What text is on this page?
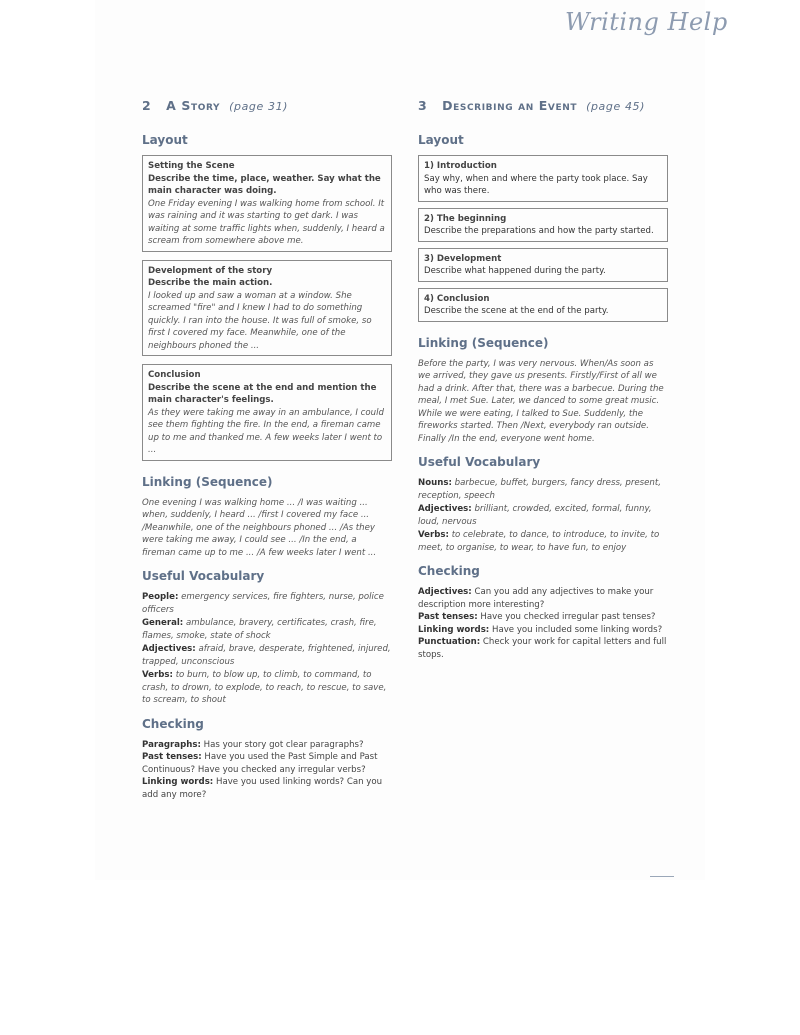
Writing Help
2 A Story (page 31)
Layout
Setting the Scene
Describe the time, place, weather. Say what the main character was doing.
One Friday evening I was walking home from school. It was raining and it was starting to get dark. I was waiting at some traffic lights when, suddenly, I heard a scream from somewhere above me.
Development of the story
Describe the main action.
I looked up and saw a woman at a window. She screamed "fire" and I knew I had to do something quickly. I ran into the house. It was full of smoke, so first I covered my face. Meanwhile, one of the neighbours phoned the ...
Conclusion
Describe the scene at the end and mention the main character's feelings.
As they were taking me away in an ambulance, I could see them fighting the fire. In the end, a fireman came up to me and thanked me. A few weeks later I went to ...
Linking (Sequence)
One evening I was walking home ... /I was waiting ... when, suddenly, I heard ... /first I covered my face ... /Meanwhile, one of the neighbours phoned ... /As they were taking me away, I could see ... /In the end, a fireman came up to me ... /A few weeks later I went ...
Useful Vocabulary
People: emergency services, fire fighters, nurse, police officers
General: ambulance, bravery, certificates, crash, fire, flames, smoke, state of shock
Adjectives: afraid, brave, desperate, frightened, injured, trapped, unconscious
Verbs: to burn, to blow up, to climb, to command, to crash, to drown, to explode, to reach, to rescue, to save, to scream, to shout
Checking
Paragraphs: Has your story got clear paragraphs?
Past tenses: Have you used the Past Simple and Past Continuous? Have you checked any irregular verbs?
Linking words: Have you used linking words? Can you add any more?
3 Describing an Event (page 45)
Layout
1) Introduction
Say why, when and where the party took place. Say who was there.
2) The beginning
Describe the preparations and how the party started.
3) Development
Describe what happened during the party.
4) Conclusion
Describe the scene at the end of the party.
Linking (Sequence)
Before the party, I was very nervous. When/As soon as we arrived, they gave us presents. Firstly/First of all we had a drink. After that, there was a barbecue. During the meal, I met Sue. Later, we danced to some great music. While we were eating, I talked to Sue. Suddenly, the fireworks started. Then /Next, everybody ran outside. Finally /In the end, everyone went home.
Useful Vocabulary
Nouns: barbecue, buffet, burgers, fancy dress, present, reception, speech
Adjectives: brilliant, crowded, excited, formal, funny, loud, nervous
Verbs: to celebrate, to dance, to introduce, to invite, to meet, to organise, to wear, to have fun, to enjoy
Checking
Adjectives: Can you add any adjectives to make your description more interesting?
Past tenses: Have you checked irregular past tenses?
Linking words: Have you included some linking words?
Punctuation: Check your work for capital letters and full stops.
